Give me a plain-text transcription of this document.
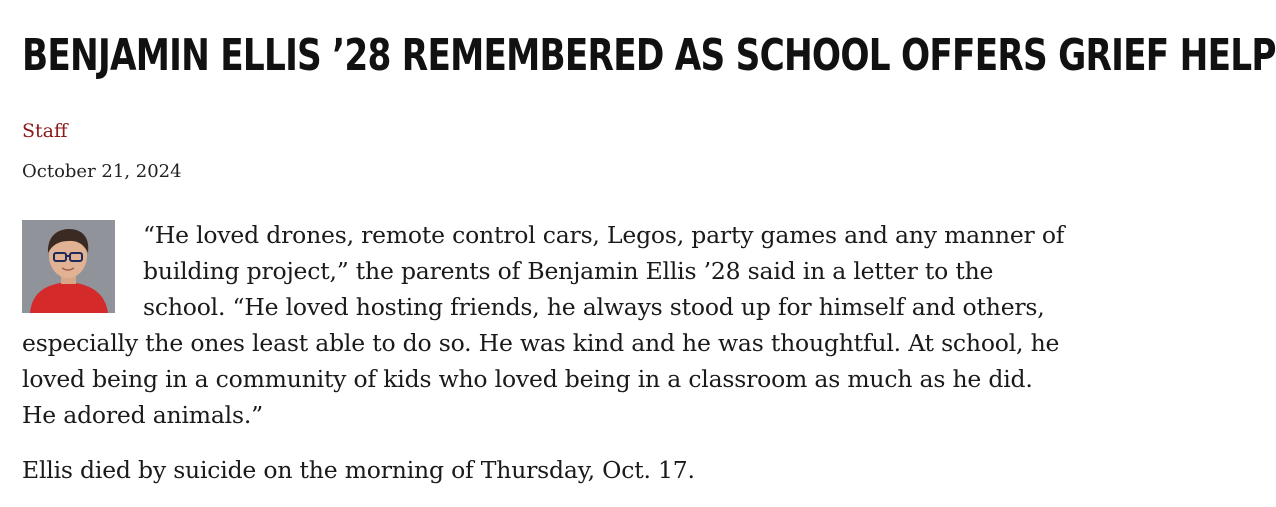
BENJAMIN ELLIS ’28 REMEMBERED AS SCHOOL OFFERS GRIEF HELP
Staff
October 21, 2024

“He loved drones, remote control cars, Legos, party games and any manner of building project,” the parents of Benjamin Ellis ’28 said in a letter to the school. “He loved hosting friends, he always stood up for himself and others, especially the ones least able to do so. He was kind and he was thoughtful. At school, he loved being in a community of kids who loved being in a classroom as much as he did. He adored animals.”

Ellis died by suicide on the morning of Thursday, Oct. 17.
